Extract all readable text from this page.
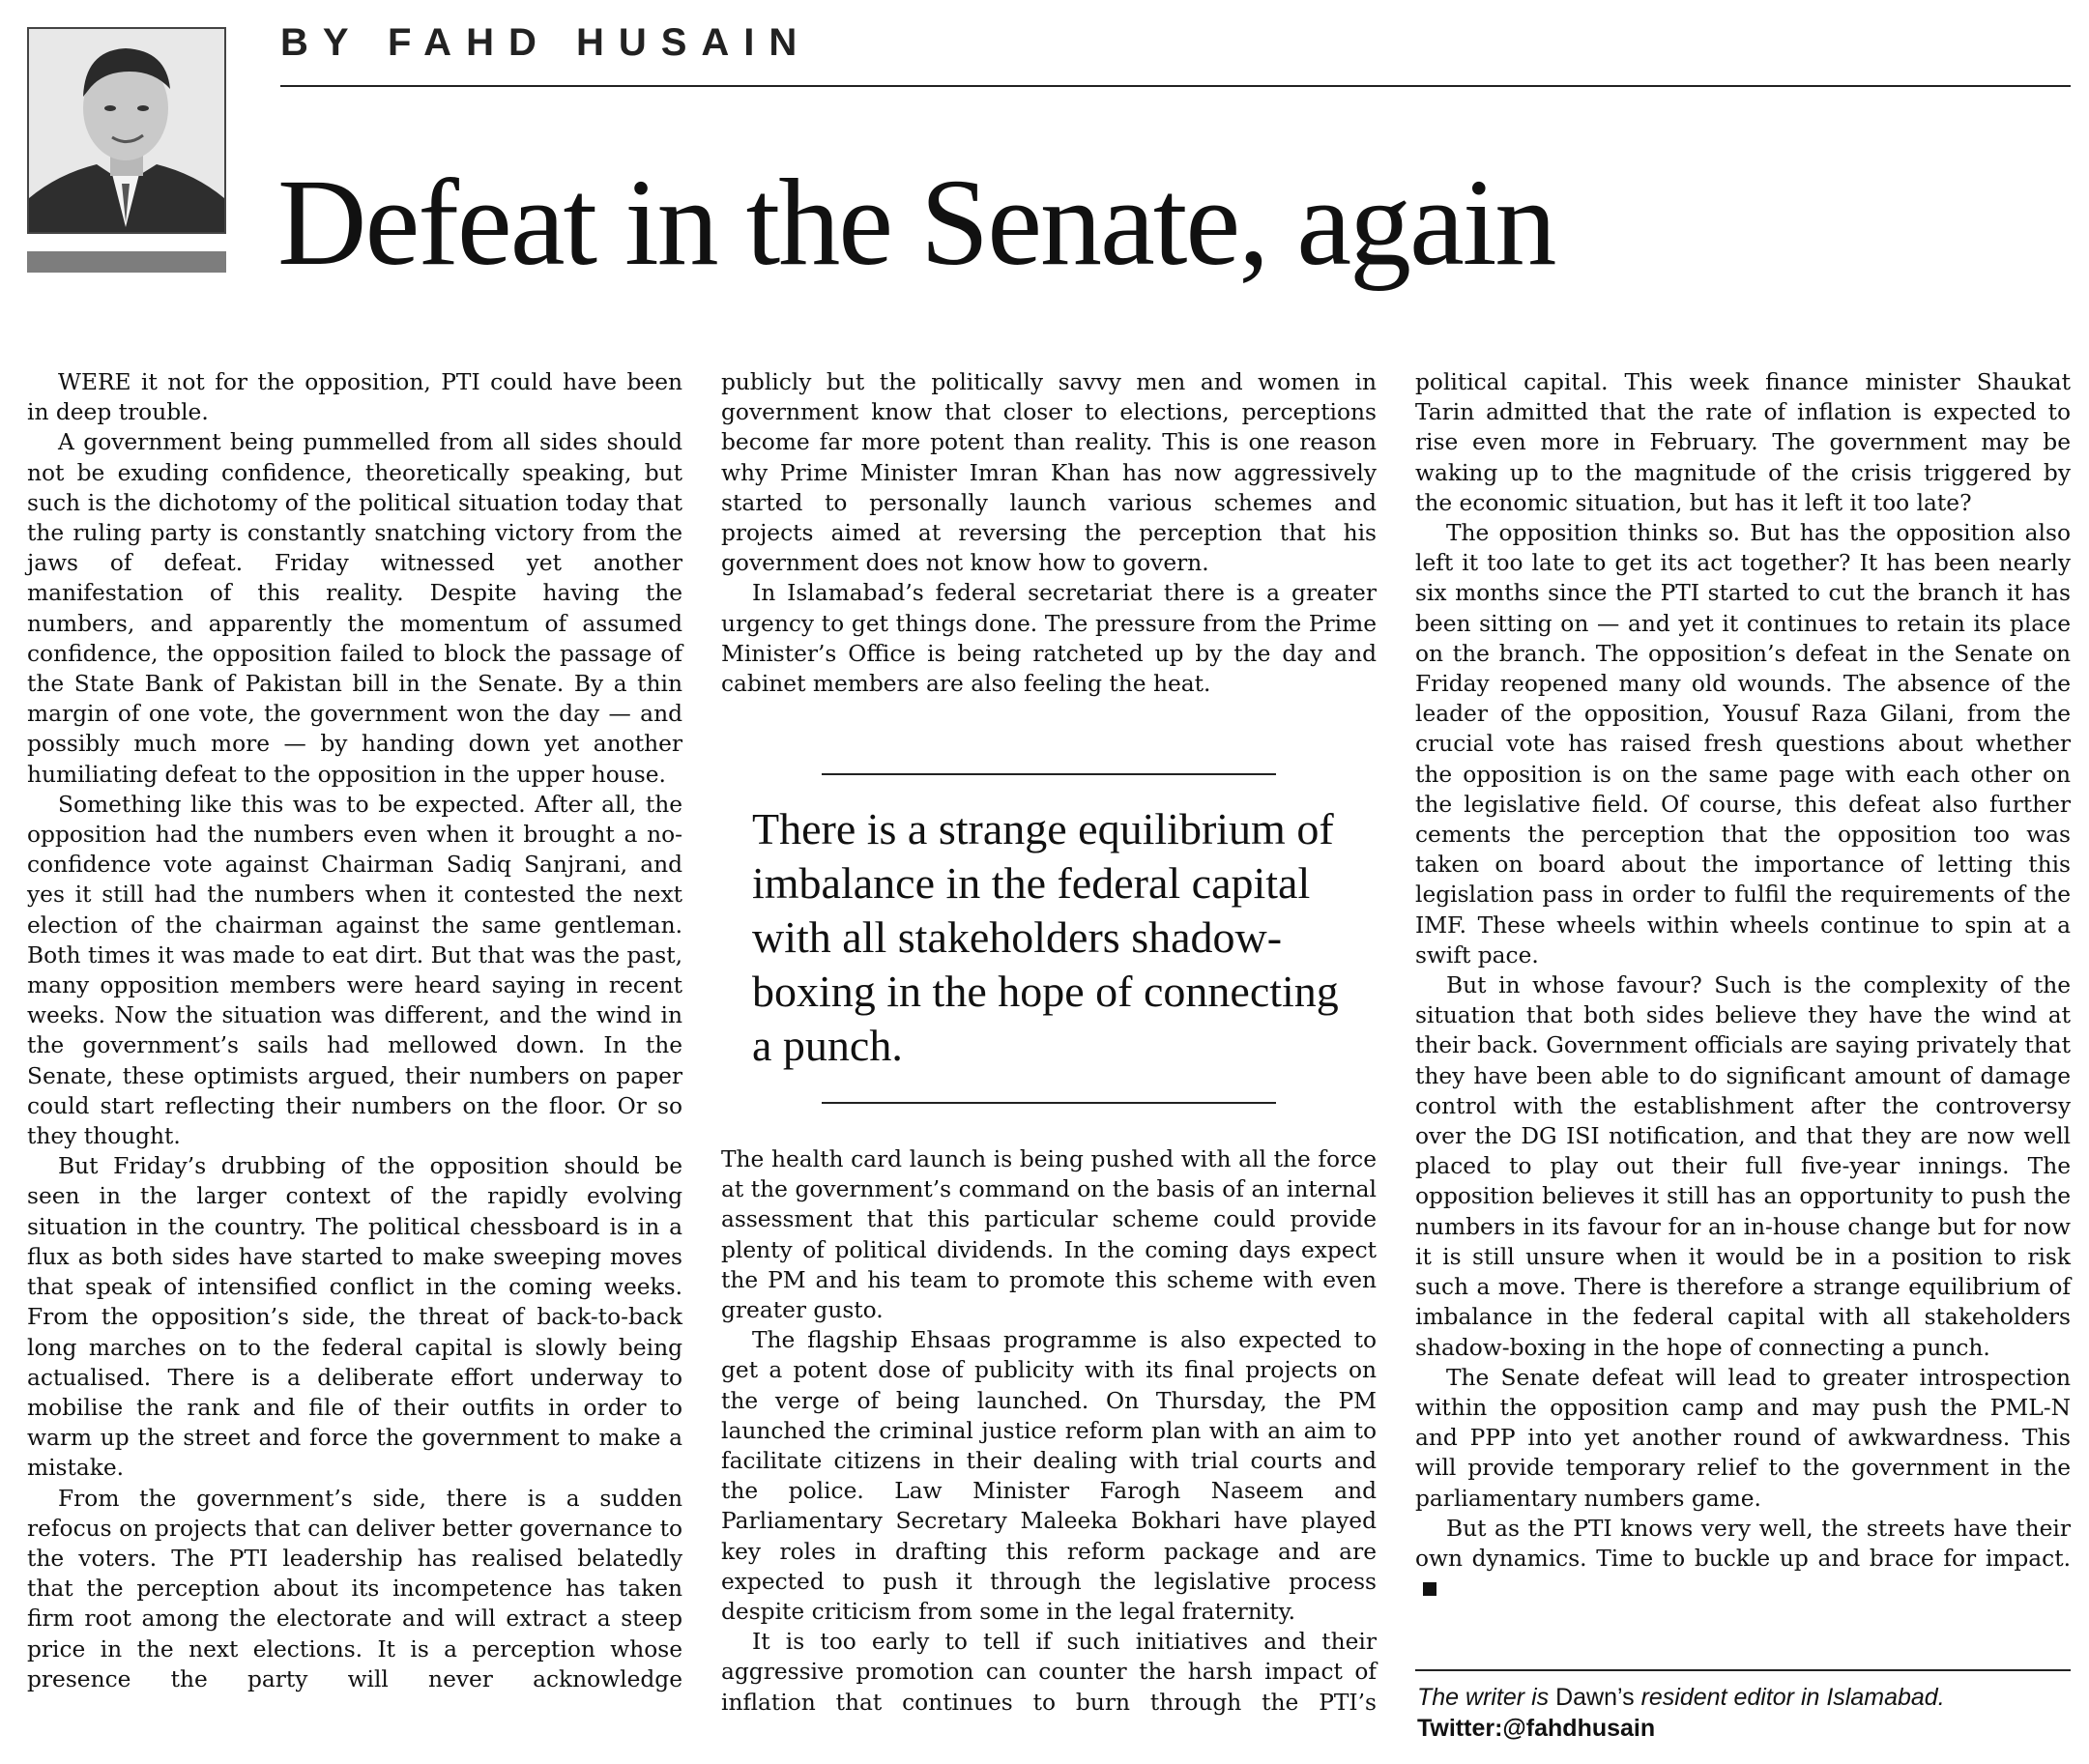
BY FAHD HUSAIN
Defeat in the Senate, again

WERE it not for the opposition, PTI could have been in deep trouble.

A government being pummelled from all sides should not be exuding confidence, theoretically speaking, but such is the dichotomy of the political situation today that the ruling party is constantly snatching victory from the jaws of defeat. Friday witnessed yet another manifestation of this reality. Despite having the numbers, and apparently the momentum of assumed confidence, the opposition failed to block the passage of the State Bank of Pakistan bill in the Senate. By a thin margin of one vote, the government won the day — and possibly much more — by handing down yet another humiliating defeat to the opposition in the upper house.

Something like this was to be expected. After all, the opposition had the numbers even when it brought a no-confidence vote against Chairman Sadiq Sanjrani, and yes it still had the numbers when it contested the next election of the chairman against the same gentleman. Both times it was made to eat dirt. But that was the past, many opposition members were heard saying in recent weeks. Now the situation was different, and the wind in the government’s sails had mellowed down. In the Senate, these optimists argued, their numbers on paper could start reflecting their numbers on the floor. Or so they thought.

But Friday’s drubbing of the opposition should be seen in the larger context of the rapidly evolving situation in the country. The political chessboard is in a flux as both sides have started to make sweeping moves that speak of intensified conflict in the coming weeks. From the opposition’s side, the threat of back-to-back long marches on to the federal capital is slowly being actualised. There is a deliberate effort underway to mobilise the rank and file of their outfits in order to warm up the street and force the government to make a mistake.

From the government’s side, there is a sudden refocus on projects that can deliver better governance to the voters. The PTI leadership has realised belatedly that the perception about its incompetence has taken firm root among the electorate and will extract a steep price in the next elections. It is a perception whose presence the party will never acknowledge

publicly but the politically savvy men and women in government know that closer to elections, perceptions become far more potent than reality. This is one reason why Prime Minister Imran Khan has now aggressively started to personally launch various schemes and projects aimed at reversing the perception that his government does not know how to govern.

In Islamabad’s federal secretariat there is a greater urgency to get things done. The pressure from the Prime Minister’s Office is being ratcheted up by the day and cabinet members are also feeling the heat.

There is a strange equilibrium of imbalance in the federal capital with all stakeholders shadow-boxing in the hope of connecting a punch.

The health card launch is being pushed with all the force at the government’s command on the basis of an internal assessment that this particular scheme could provide plenty of political dividends. In the coming days expect the PM and his team to promote this scheme with even greater gusto.

The flagship Ehsaas programme is also expected to get a potent dose of publicity with its final projects on the verge of being launched. On Thursday, the PM launched the criminal justice reform plan with an aim to facilitate citizens in their dealing with trial courts and the police. Law Minister Farogh Naseem and Parliamentary Secretary Maleeka Bokhari have played key roles in drafting this reform package and are expected to push it through the legislative process despite criticism from some in the legal fraternity.

It is too early to tell if such initiatives and their aggressive promotion can counter the harsh impact of inflation that continues to burn through the PTI’s

political capital. This week finance minister Shaukat Tarin admitted that the rate of inflation is expected to rise even more in February. The government may be waking up to the magnitude of the crisis triggered by the economic situation, but has it left it too late?

The opposition thinks so. But has the opposition also left it too late to get its act together? It has been nearly six months since the PTI started to cut the branch it has been sitting on — and yet it continues to retain its place on the branch. The opposition’s defeat in the Senate on Friday reopened many old wounds. The absence of the leader of the opposition, Yousuf Raza Gilani, from the crucial vote has raised fresh questions about whether the opposition is on the same page with each other on the legislative field. Of course, this defeat also further cements the perception that the opposition too was taken on board about the importance of letting this legislation pass in order to fulfil the requirements of the IMF. These wheels within wheels continue to spin at a swift pace.

But in whose favour? Such is the complexity of the situation that both sides believe they have the wind at their back. Government officials are saying privately that they have been able to do significant amount of damage control with the establishment after the controversy over the DG ISI notification, and that they are now well placed to play out their full five-year innings. The opposition believes it still has an opportunity to push the numbers in its favour for an in-house change but for now it is still unsure when it would be in a position to risk such a move. There is therefore a strange equilibrium of imbalance in the federal capital with all stakeholders shadow-boxing in the hope of connecting a punch.

The Senate defeat will lead to greater introspection within the opposition camp and may push the PML-N and PPP into yet another round of awkwardness. This will provide temporary relief to the government in the parliamentary numbers game.

But as the PTI knows very well, the streets have their own dynamics. Time to buckle up and brace for impact.

The writer is Dawn’s resident editor in Islamabad.
Twitter:@fahdhusain
